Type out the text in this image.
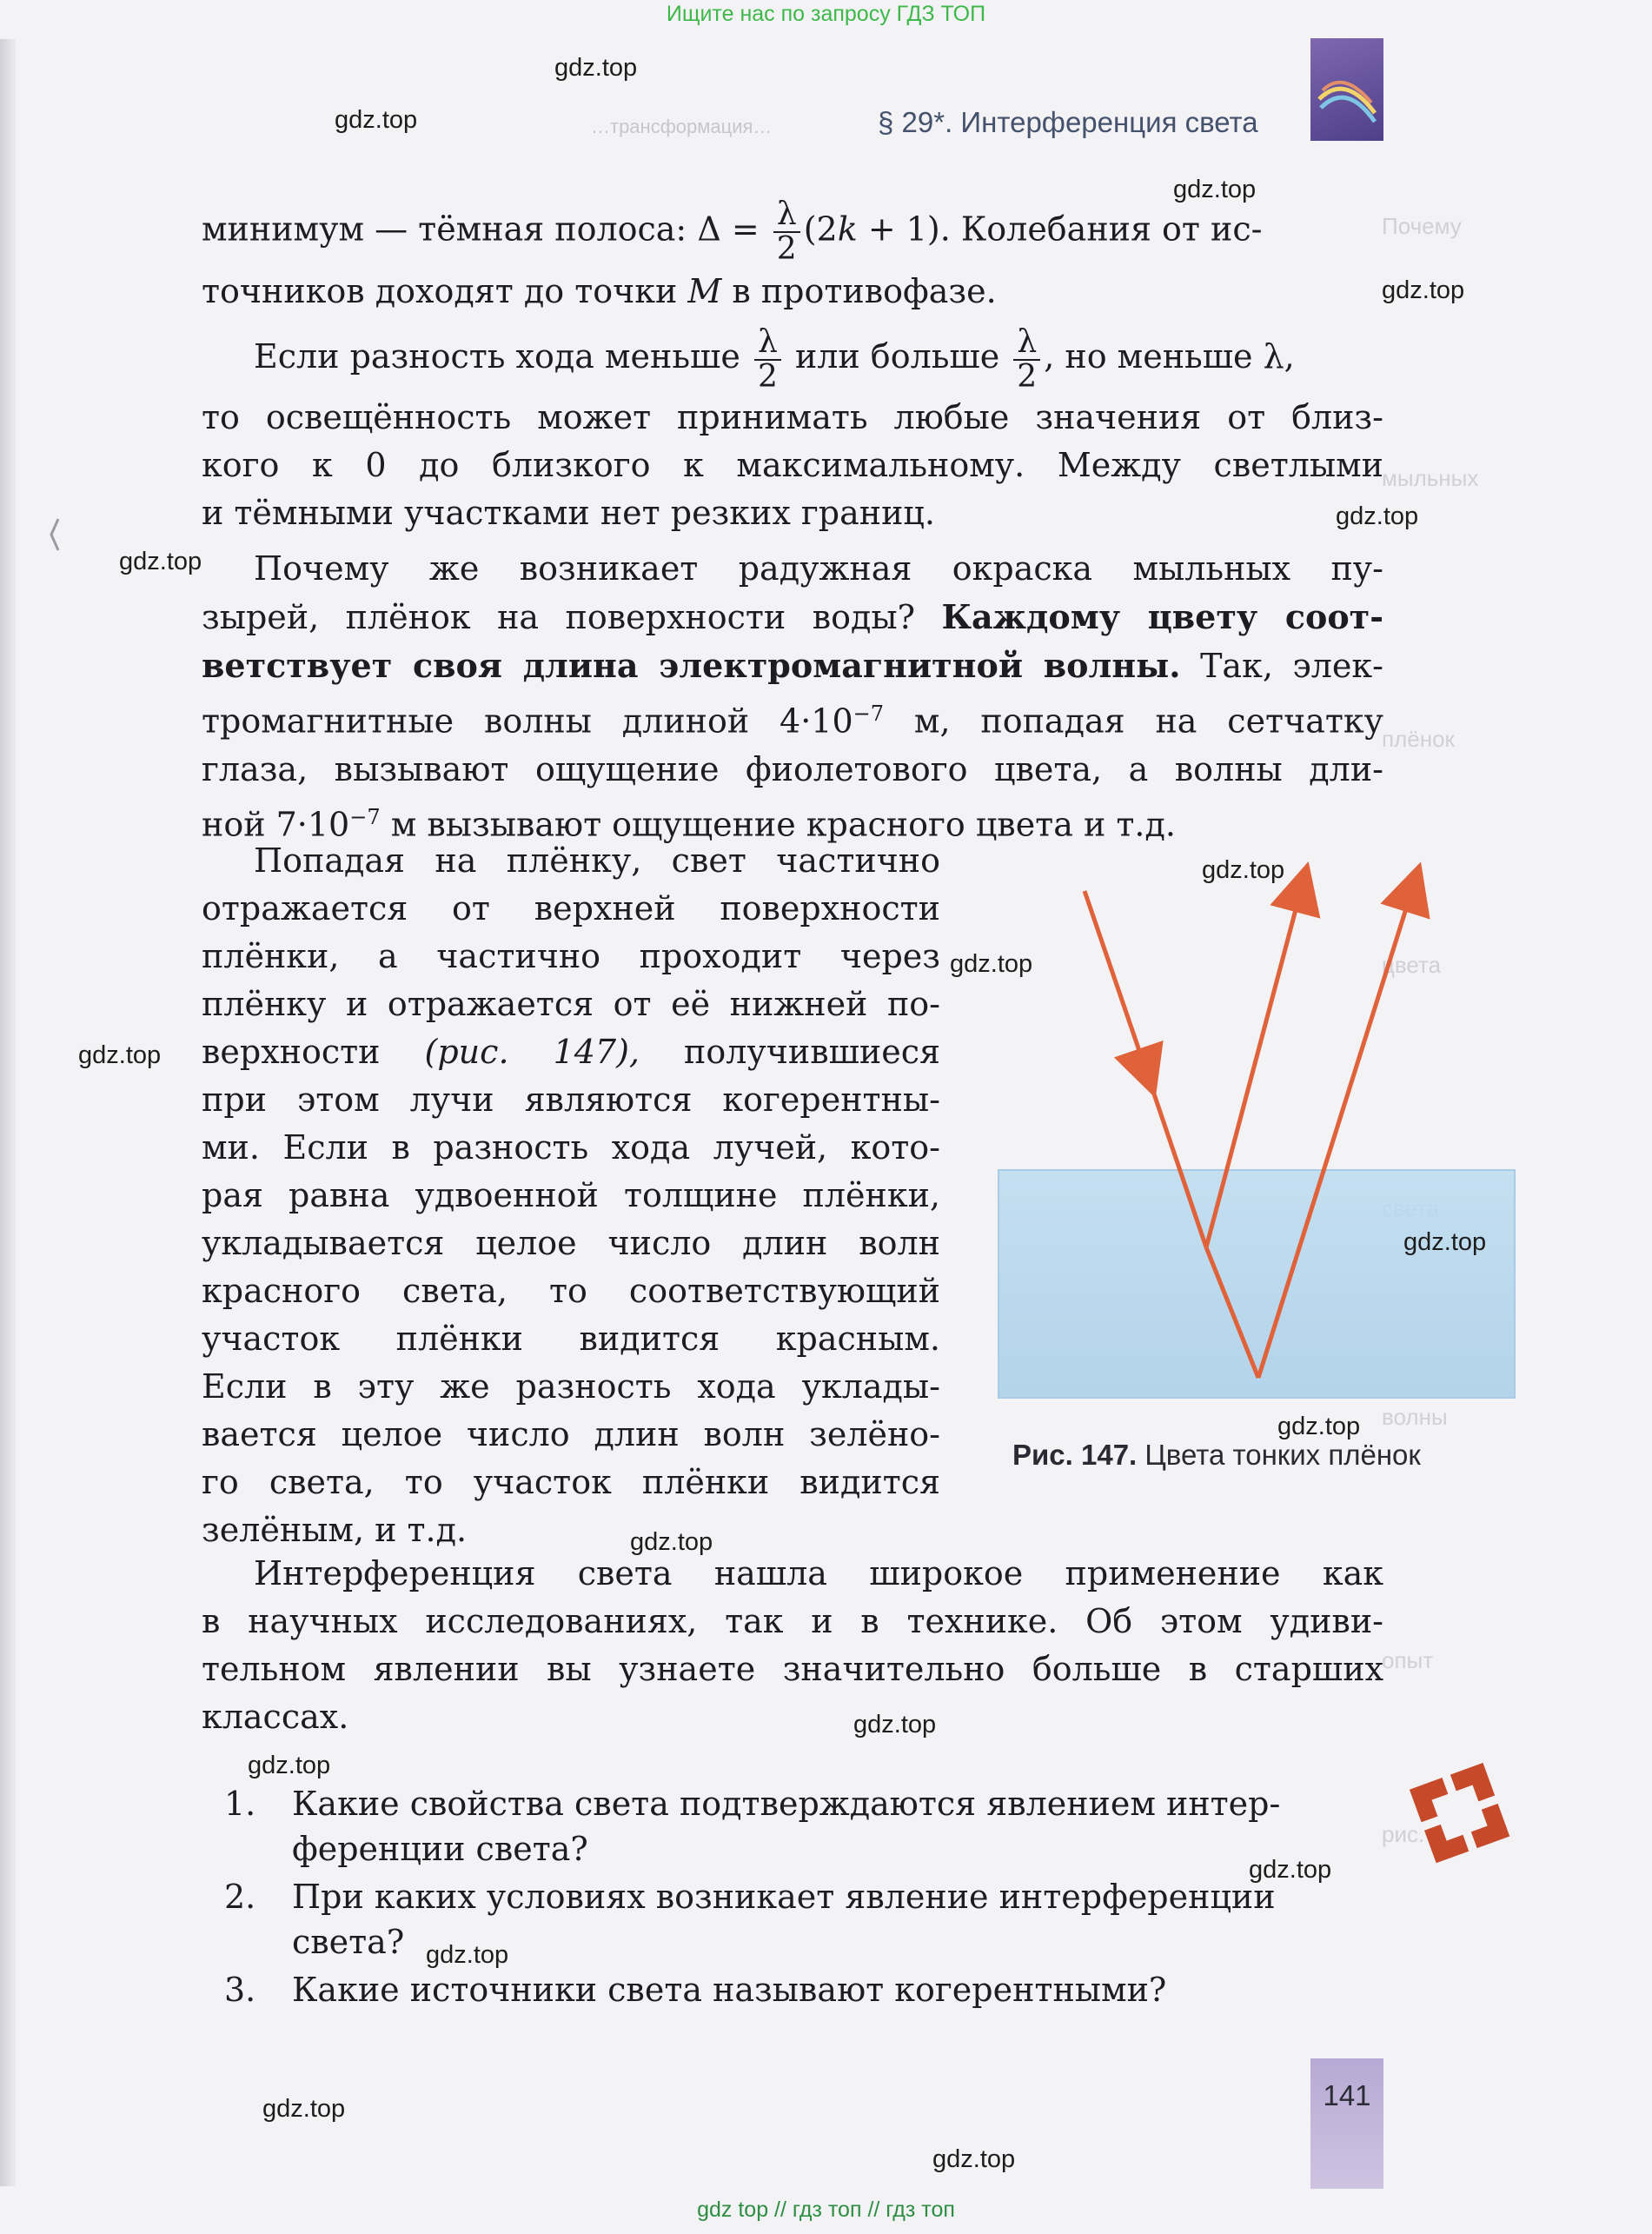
Ищите нас по запросу ГДЗ ТОП
…трансформация…	§ 29*. Интерференция света
Почему
мыльных
плёнок
цвета
волны
опыт
рис.
минимум — тёмная полоса: $\Delta = \frac{\lambda}{2} (2k + 1)$. Колебания от ис-
точников доходят до точки M в противофазе.
Если разность хода меньше $\frac{\lambda}{2}$ или больше $\frac{\lambda}{2}$ , но меньше λ,
то освещённость может принимать любые значения от близ-
кого к 0 до близкого к максимальному. Между светлыми
и тёмными участками нет резких границ.
Почему же возникает радужная окраска мыльных пу-
зырей, плёнок на поверхности воды? Каждому цвету соот-
ветствует своя длина электромагнитной волны. Так, элек-
тромагнитные волны длиной $4\cdot 10^{-7}$ м, попадая на сетчатку
глаза, вызывают ощущение фиолетового цвета, а волны дли-
ной $7\cdot 10^{-7}$ м вызывают ощущение красного цвета и т.д.
Попадая на плёнку, свет частично
отражается от верхней поверхности
плёнки, а частично проходит через
плёнку и отражается от её нижней по-
верхности (рис. 147), получившиеся
при этом лучи являются когерентны-
ми. Если в разность хода лучей, кото-
рая равна удвоенной толщине плёнки,
укладывается целое число длин волн
красного света, то соответствующий
участок плёнки видится красным.
Если в эту же разность хода уклады-
вается целое число длин волн зелёно-
го света, то участок плёнки видится
зелёным, и т.д.
Рис. 147. Цвета тонких плёнок
Интерференция света нашла широкое применение как
в научных исследованиях, так и в технике. Об этом удиви-
тельном явлении вы узнаете значительно больше в старших
классах.
1. Какие свойства света подтверждаются явлением интер-
ференции света?
2. При каких условиях возникает явление интерференции
света?
3. Какие источники света называют когерентными?
141
gdz.top
gdz.top
gdz.top
gdz.top
gdz.top
gdz.top
gdz.top
gdz.top
gdz.top
gdz.top
gdz.top
gdz.top
gdz.top
gdz.top
gdz.top
gdz.top
gdz.top
gdz.top
gdz top // гдз топ // гдз топ
